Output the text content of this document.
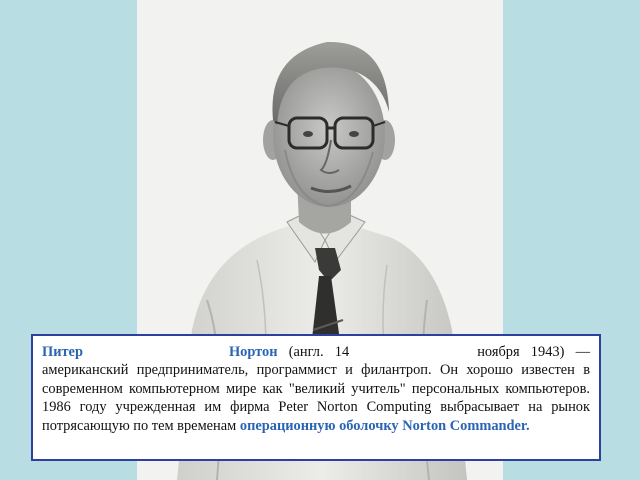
Питер	Нортон (англ. 14	ноября 1943) — американский предприниматель, программист и филантроп. Он хорошо известен в современном компьютерном мире как "великий учитель" персональных компьютеров. 1986 году учрежденная им фирма Peter Norton Computing выбрасывает на рынок потрясающую по тем временам операционную оболочку Norton Commander.
